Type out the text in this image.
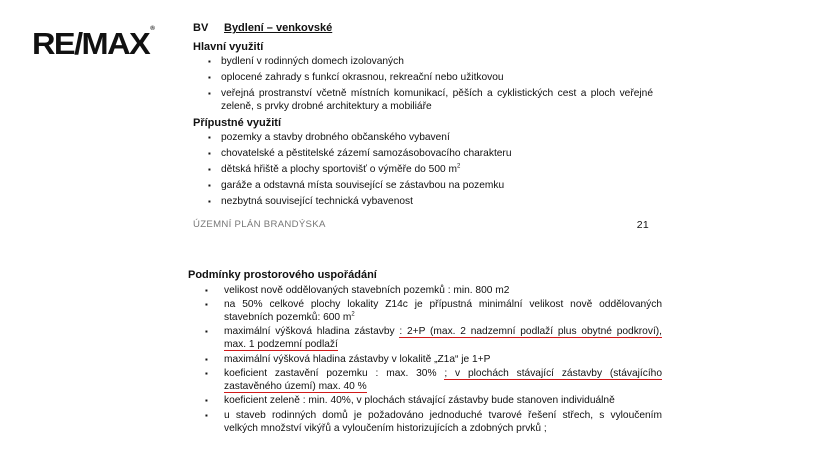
RE/MAX®	BV Bydlení – venkovské
Hlavní využití
▪ bydlení v rodinných domech izolovaných
▪ oplocené zahrady s funkcí okrasnou, rekreační nebo užitkovou
▪ veřejná prostranství včetně místních komunikací, pěších a cyklistických cest a ploch veřejné zeleně, s prvky drobné architektury a mobiliáře
Přípustné využití
▪ pozemky a stavby drobného občanského vybavení
▪ chovatelské a pěstitelské zázemí samozásobovacího charakteru
▪ dětská hřiště a plochy sportovišť o výměře do 500 $m^2$
▪ garáže a odstavná místa související se zástavbou na pozemku
▪ nezbytná související technická vybavenost
ÚZEMNÍ PLÁN BRANDÝSKA	21
Podmínky prostorového uspořádání
▪ velikost nově oddělovaných stavebních pozemků : min. 800 m2
▪ na 50% celkové plochy lokality Z14c je přípustná minimální velikost nově oddělovaných stavebních pozemků: 600 $m^2$
▪ maximální výšková hladina zástavby : 2+P (max. 2 nadzemní podlaží plus obytné podkroví), max. 1 podzemní podlaží
▪ maximální výšková hladina zástavby v lokalitě „Z1a“ je 1+P
▪ koeficient zastavění pozemku : max. 30% ; v plochách stávající zástavby (stávajícího zastavěného území) max. 40 %
▪ koeficient zeleně : min. 40%, v plochách stávající zástavby bude stanoven individuálně
▪ u staveb rodinných domů je požadováno jednoduché tvarové řešení střech, s vyloučením velkých množství vikýřů a vyloučením historizujících a zdobných prvků ;
